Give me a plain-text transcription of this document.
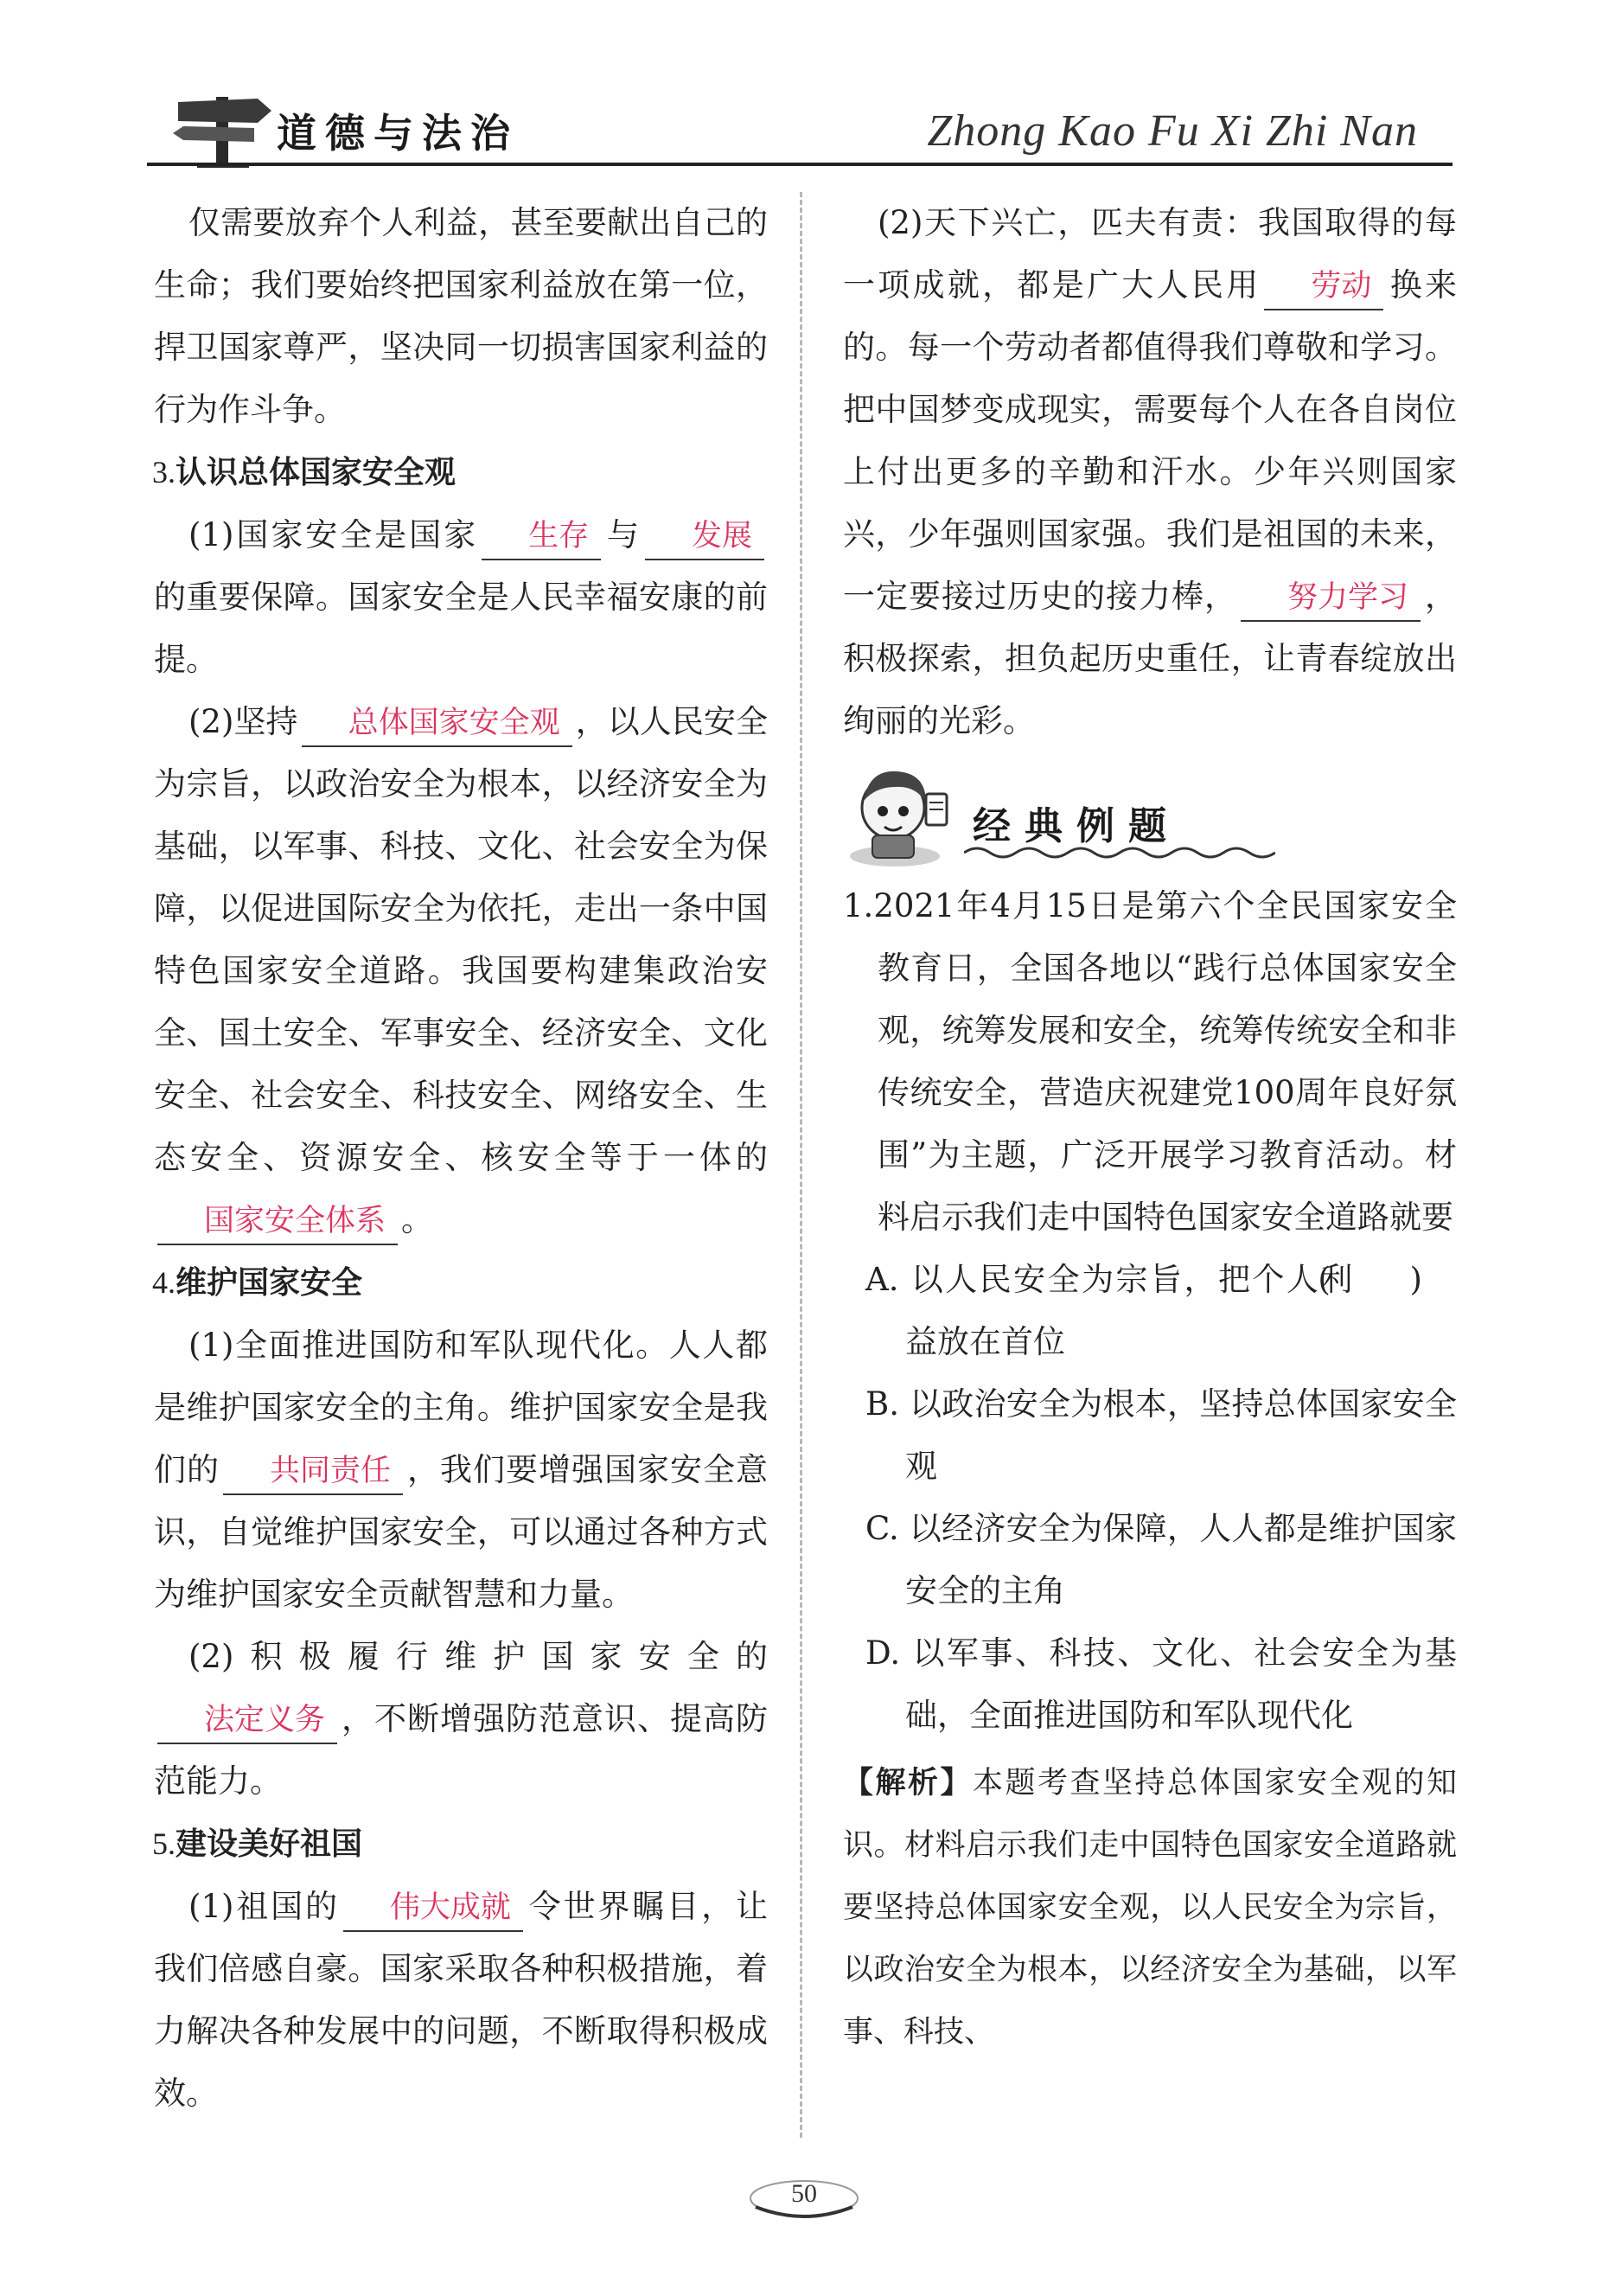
道德与法治	Zhong Kao Fu Xi Zhi Nan

仅需要放弃个人利益，甚至要献出自己的生命；我们要始终把国家利益放在第一位，捍卫国家尊严，坚决同一切损害国家利益的行为作斗争。

3.认识总体国家安全观

(1)国家安全是国家 生存 与 发展的重要保障。国家安全是人民幸福安康的前提。

(2)坚持 总体国家安全观 ，以人民安全为宗旨，以政治安全为根本，以经济安全为基础，以军事、科技、文化、社会安全为保障，以促进国际安全为依托，走出一条中国特色国家安全道路。我国要构建集政治安全、国土安全、军事安全、经济安全、文化安全、社会安全、科技安全、网络安全、生态安全、资源安全、核安全等于一体的国家安全体系 。

4.维护国家安全

(1)全面推进国防和军队现代化。人人都是维护国家安全的主角。维护国家安全是我们的 共同责任 ，我们要增强国家安全意识，自觉维护国家安全，可以通过各种方式为维护国家安全贡献智慧和力量。

(2)积极履行维护国家安全的法定义务 ，不断增强防范意识、提高防范能力。

5.建设美好祖国

(1)祖国的 伟大成就 令世界瞩目，让我们倍感自豪。国家采取各种积极措施，着力解决各种发展中的问题，不断取得积极成效。

(2)天下兴亡，匹夫有责：我国取得的每一项成就，都是广大人民用 劳动 换来的。每一个劳动者都值得我们尊敬和学习。把中国梦变成现实，需要每个人在各自岗位上付出更多的辛勤和汗水。少年兴则国家兴，少年强则国家强。我们是祖国的未来，一定要接过历史的接力棒， 努力学习 ，积极探索，担负起历史重任，让青春绽放出绚丽的光彩。

经典例题

1.2021年4月15日是第六个全民国家安全教育日，全国各地以“践行总体国家安全观，统筹发展和安全，统筹传统安全和非传统安全，营造庆祝建党100周年良好氛围”为主题，广泛开展学习教育活动。材料启示我们走中国特色国家安全道路就要
( )

A. 以人民安全为宗旨，把个人利益放在首位

B. 以政治安全为根本，坚持总体国家安全观

C. 以经济安全为保障，人人都是维护国家安全的主角

D. 以军事、科技、文化、社会安全为基础，全面推进国防和军队现代化

【解析】本题考查坚持总体国家安全观的知识。材料启示我们走中国特色国家安全道路就要坚持总体国家安全观，以人民安全为宗旨，以政治安全为根本，以经济安全为基础，以军事、科技、

50
